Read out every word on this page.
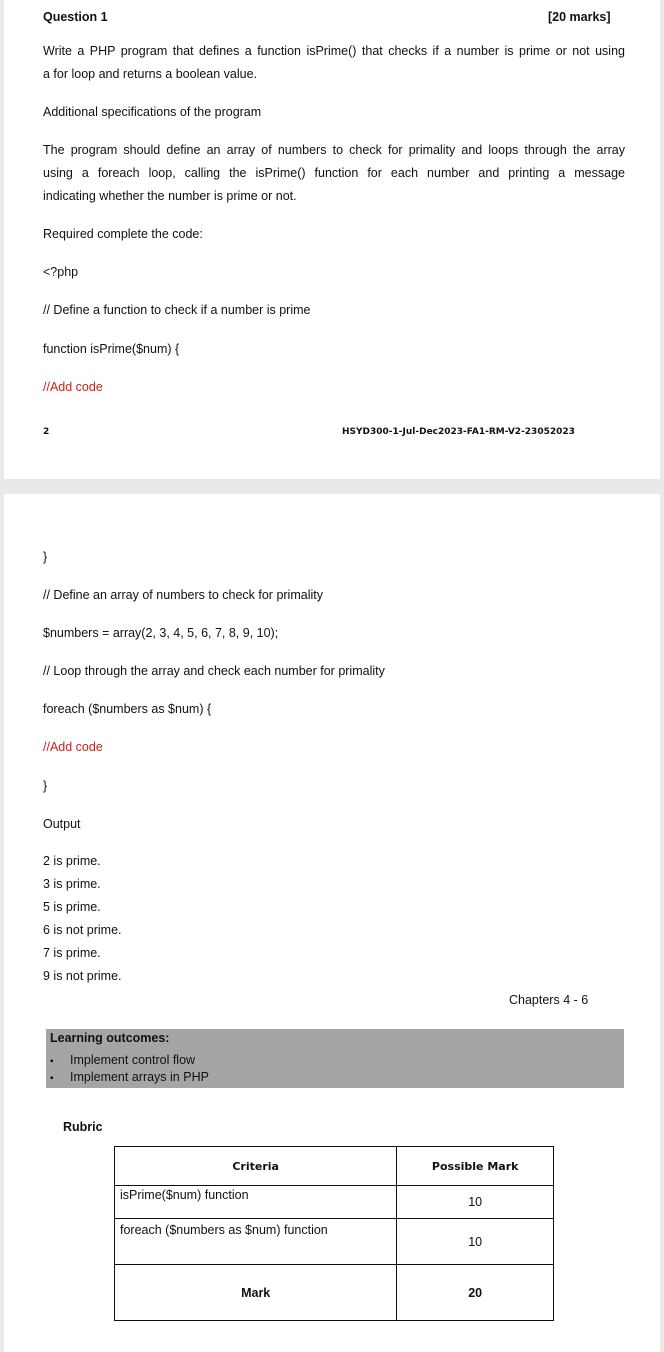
Question 1	[20 marks]
Write a PHP program that defines a function isPrime() that checks if a number is prime or not using
a for loop and returns a boolean value.
Additional specifications of the program
The program should define an array of numbers to check for primality and loops through the array
using a foreach loop, calling the isPrime() function for each number and printing a message
indicating whether the number is prime or not.
Required complete the code:
<?php
// Define a function to check if a number is prime
function isPrime($num) {
//Add code
2	HSYD300-1-Jul-Dec2023-FA1-RM-V2-23052023
}
// Define an array of numbers to check for primality
$numbers = array(2, 3, 4, 5, 6, 7, 8, 9, 10);
// Loop through the array and check each number for primality
foreach ($numbers as $num) {
//Add code
}
Output
2 is prime.
3 is prime.
5 is prime.
6 is not prime.
7 is prime.
9 is not prime.
Chapters 4 - 6
Learning outcomes:
▪ Implement control flow
▪ Implement arrays in PHP
Rubric
Criteria	Possible Mark
isPrime($num) function	10
foreach ($numbers as $num) function	10
Mark	20
